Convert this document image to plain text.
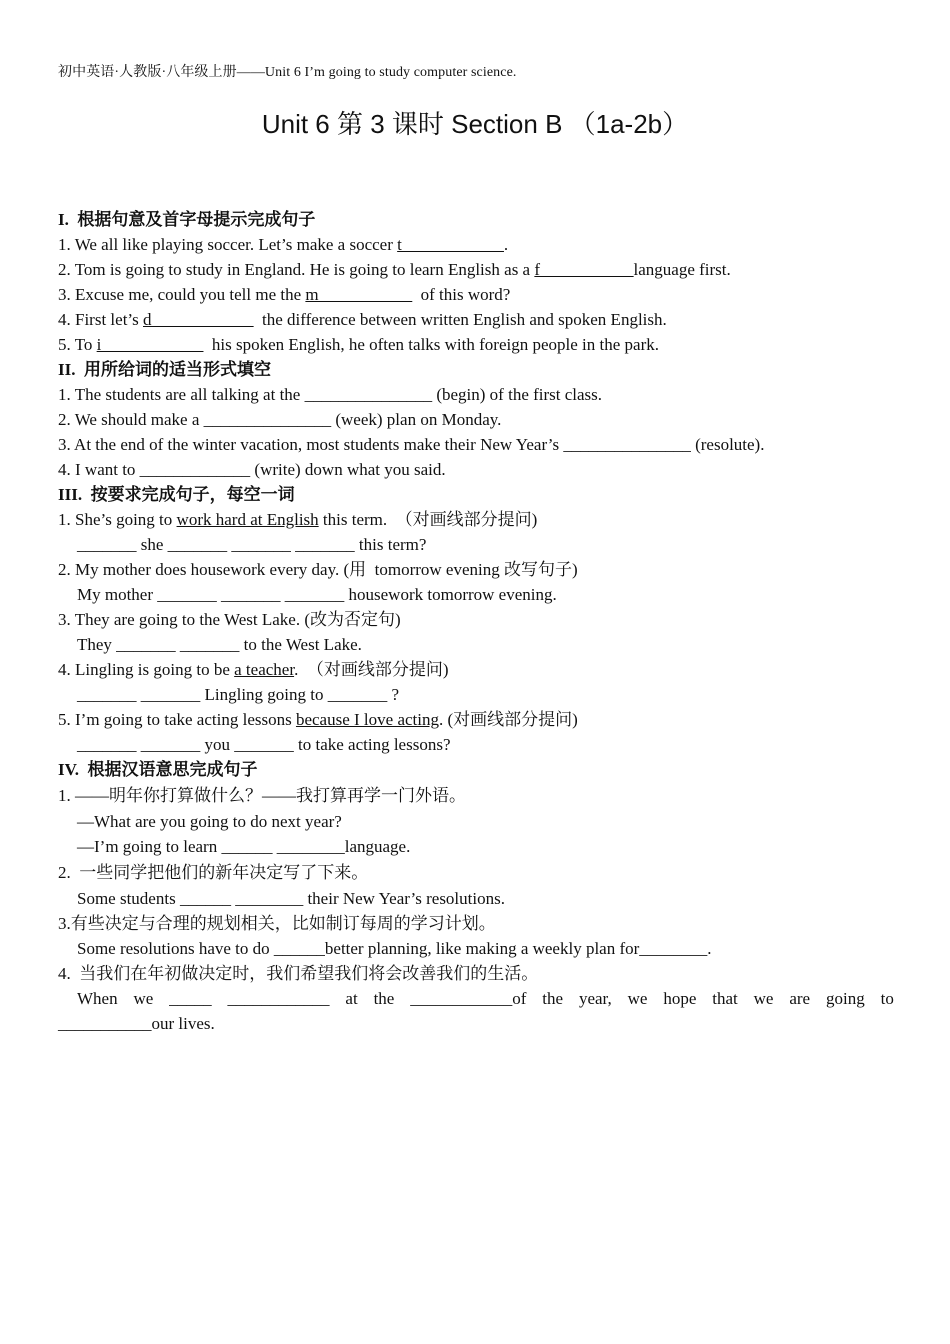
初中英语·人教版·八年级上册——Unit 6 I’m going to study computer science.
Unit 6 第 3 课时 Section B （1a-2b）
I.  根据句意及首字母提示完成句子
1. We all like playing soccer. Let’s make a soccer t____________.
2. Tom is going to study in England. He is going to learn English as a f___________language first.
3. Excuse me, could you tell me the m___________  of this word?
4. First let’s d____________  the difference between written English and spoken English.
5. To i____________  his spoken English, he often talks with foreign people in the park.
II.  用所给词的适当形式填空
1. The students are all talking at the _______________ (begin) of the first class.
2. We should make a _______________ (week) plan on Monday.
3. At the end of the winter vacation, most students make their New Year’s _______________ (resolute).
4. I want to _____________ (write) down what you said.
III.  按要求完成句子，每空一词
1. She’s going to work hard at English this term.  （对画线部分提问)
_______ she _______ _______ _______ this term?
2. My mother does housework every day. (用  tomorrow evening 改写句子)
My mother _______ _______ _______ housework tomorrow evening.
3. They are going to the West Lake. (改为否定句)
They _______ _______ to the West Lake.
4. Lingling is going to be a teacher.  （对画线部分提问)
_______ _______ Lingling going to _______ ?
5. I’m going to take acting lessons because I love acting. (对画线部分提问)
_______ _______ you _______ to take acting lessons?
IV.  根据汉语意思完成句子
1. ——明年你打算做什么？——我打算再学一门外语。
—What are you going to do next year?
—I’m going to learn ______ ________language.
2.  一些同学把他们的新年决定写了下来。
Some students ______ ________ their New Year’s resolutions.
3.有些决定与合理的规划相关，比如制订每周的学习计划。
Some resolutions have to do ______better planning, like making a weekly plan for________.
4.  当我们在年初做决定时，我们希望我们将会改善我们的生活。
When we _____ ____________ at the ____________of the year, we hope that we are going to
___________our lives.
